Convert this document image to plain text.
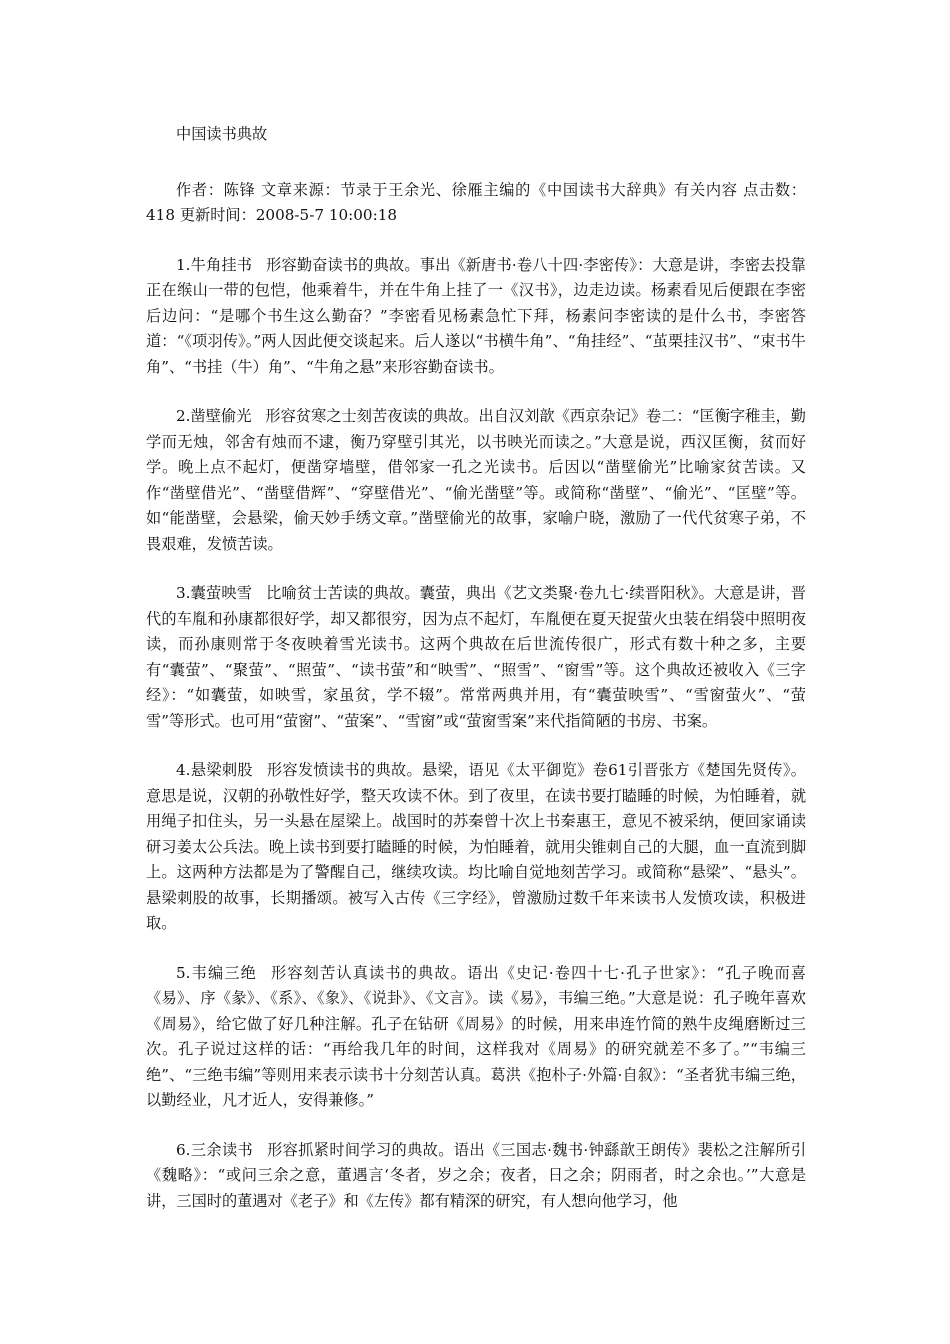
中国读书典故

作者：陈锋 文章来源：节录于王余光、徐雁主编的《中国读书大辞典》有关内容 点击数：418 更新时间：2008-5-7 10:00:18

1.牛角挂书 形容勤奋读书的典故。事出《新唐书·卷八十四·李密传》：大意是讲，李密去投靠正在缑山一带的包恺，他乘着牛，并在牛角上挂了一《汉书》，边走边读。杨素看见后便跟在李密后边问：“是哪个书生这么勤奋？”李密看见杨素急忙下拜，杨素问李密读的是什么书，李密答道：“《项羽传》。”两人因此便交谈起来。后人遂以“书横牛角”、“角挂经”、“茧栗挂汉书”、“束书牛角”、“书挂（牛）角”、“牛角之悬”来形容勤奋读书。

2.凿壁偷光 形容贫寒之士刻苦夜读的典故。出自汉刘歆《西京杂记》卷二：“匡衡字稚圭，勤学而无烛，邻舍有烛而不逮，衡乃穿壁引其光，以书映光而读之。”大意是说，西汉匡衡，贫而好学。晚上点不起灯，便凿穿墙壁，借邻家一孔之光读书。后因以“凿壁偷光”比喻家贫苦读。又作“凿壁借光”、“凿壁借辉”、“穿壁借光”、“偷光凿壁”等。或简称“凿壁”、“偷光”、“匡壁”等。如“能凿壁，会悬梁，偷天妙手绣文章。”凿壁偷光的故事，家喻户晓，激励了一代代贫寒子弟，不畏艰难，发愤苦读。

3.囊萤映雪 比喻贫士苦读的典故。囊萤，典出《艺文类聚·卷九七·续晋阳秋》。大意是讲，晋代的车胤和孙康都很好学，却又都很穷，因为点不起灯，车胤便在夏天捉萤火虫装在绢袋中照明夜读，而孙康则常于冬夜映着雪光读书。这两个典故在后世流传很广，形式有数十种之多，主要有“囊萤”、“聚萤”、“照萤”、“读书萤”和“映雪”、“照雪”、“窗雪”等。这个典故还被收入《三字经》：“如囊萤，如映雪，家虽贫，学不辍”。常常两典并用，有“囊萤映雪”、“雪窗萤火”、“萤雪”等形式。也可用“萤窗”、“萤案”、“雪窗”或“萤窗雪案”来代指简陋的书房、书案。

4.悬梁刺股 形容发愤读书的典故。悬梁，语见《太平御览》卷61引晋张方《楚国先贤传》。意思是说，汉朝的孙敬性好学，整天攻读不休。到了夜里，在读书要打瞌睡的时候，为怕睡着，就用绳子扣住头，另一头悬在屋梁上。战国时的苏秦曾十次上书秦惠王，意见不被采纳，便回家诵读研习姜太公兵法。晚上读书到要打瞌睡的时候，为怕睡着，就用尖锥刺自己的大腿，血一直流到脚上。这两种方法都是为了警醒自己，继续攻读。均比喻自觉地刻苦学习。或简称“悬梁”、“悬头”。悬梁刺股的故事，长期播颂。被写入古传《三字经》，曾激励过数千年来读书人发愤攻读，积极进取。

5.韦编三绝 形容刻苦认真读书的典故。语出《史记·卷四十七·孔子世家》：“孔子晚而喜《易》、序《彖》、《系》、《象》、《说卦》、《文言》。读《易》，韦编三绝。”大意是说：孔子晚年喜欢《周易》，给它做了好几种注解。孔子在钻研《周易》的时候，用来串连竹简的熟牛皮绳磨断过三次。孔子说过这样的话：“再给我几年的时间，这样我对《周易》的研究就差不多了。”“韦编三绝”、“三绝韦编”等则用来表示读书十分刻苦认真。葛洪《抱朴子·外篇·自叙》：“圣者犹韦编三绝，以勤经业，凡才近人，安得兼修。”

6.三余读书 形容抓紧时间学习的典故。语出《三国志·魏书·钟繇歆王朗传》裴松之注解所引《魏略》：“或问三余之意，董遇言‘冬者，岁之余；夜者，日之余；阴雨者，时之余也。’”大意是讲，三国时的董遇对《老子》和《左传》都有精深的研究，有人想向他学习，他
